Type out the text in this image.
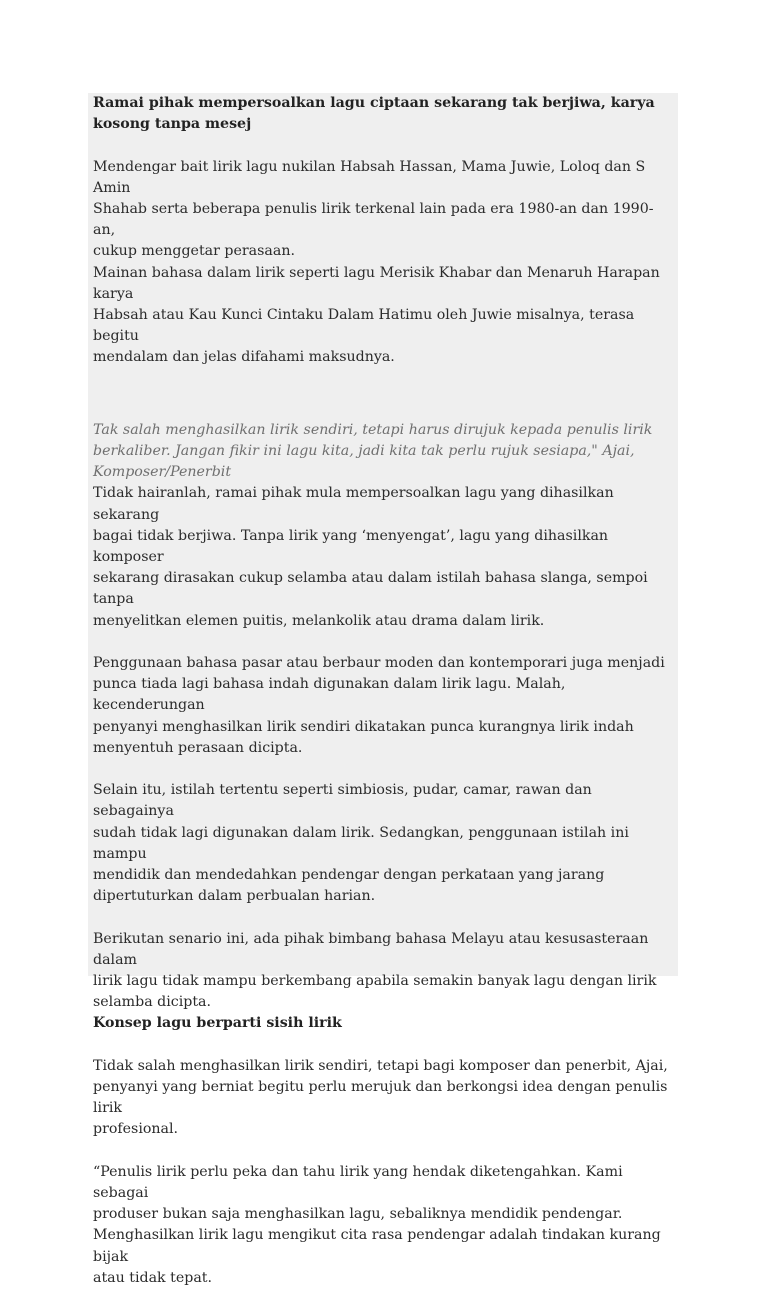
Ramai pihak mempersoalkan lagu ciptaan sekarang tak berjiwa, karya
kosong tanpa mesej

Mendengar bait lirik lagu nukilan Habsah Hassan, Mama Juwie, Loloq dan S Amin
Shahab serta beberapa penulis lirik terkenal lain pada era 1980-an dan 1990-an,
cukup menggetar perasaan.

Mainan bahasa dalam lirik seperti lagu Merisik Khabar dan Menaruh Harapan karya
Habsah atau Kau Kunci Cintaku Dalam Hatimu oleh Juwie misalnya, terasa begitu
mendalam dan jelas difahami maksudnya.

Tak salah menghasilkan lirik sendiri, tetapi harus dirujuk kepada penulis lirik
berkaliber. Jangan fikir ini lagu kita, jadi kita tak perlu rujuk sesiapa," Ajai,
Komposer/Penerbit

Tidak hairanlah, ramai pihak mula mempersoalkan lagu yang dihasilkan sekarang
bagai tidak berjiwa. Tanpa lirik yang ‘menyengat’, lagu yang dihasilkan komposer
sekarang dirasakan cukup selamba atau dalam istilah bahasa slanga, sempoi tanpa
menyelitkan elemen puitis, melankolik atau drama dalam lirik.

Penggunaan bahasa pasar atau berbaur moden dan kontemporari juga menjadi
punca tiada lagi bahasa indah digunakan dalam lirik lagu. Malah, kecenderungan
penyanyi menghasilkan lirik sendiri dikatakan punca kurangnya lirik indah
menyentuh perasaan dicipta.

Selain itu, istilah tertentu seperti simbiosis, pudar, camar, rawan dan sebagainya
sudah tidak lagi digunakan dalam lirik. Sedangkan, penggunaan istilah ini mampu
mendidik dan mendedahkan pendengar dengan perkataan yang jarang
dipertuturkan dalam perbualan harian.

Berikutan senario ini, ada pihak bimbang bahasa Melayu atau kesusasteraan dalam
lirik lagu tidak mampu berkembang apabila semakin banyak lagu dengan lirik
selamba dicipta.

Konsep lagu berparti sisih lirik

Tidak salah menghasilkan lirik sendiri, tetapi bagi komposer dan penerbit, Ajai,
penyanyi yang berniat begitu perlu merujuk dan berkongsi idea dengan penulis lirik
profesional.

“Penulis lirik perlu peka dan tahu lirik yang hendak diketengahkan. Kami sebagai
produser bukan saja menghasilkan lagu, sebaliknya mendidik pendengar.
Menghasilkan lirik lagu mengikut cita rasa pendengar adalah tindakan kurang bijak
atau tidak tepat.
